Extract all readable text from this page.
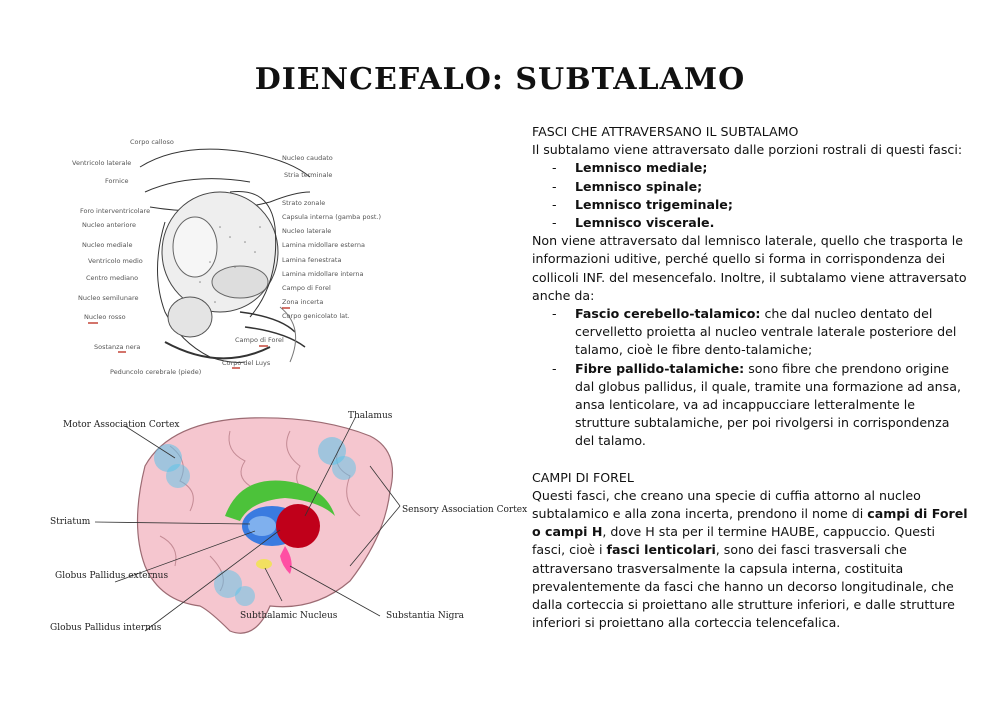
DIENCEFALO: SUBTALAMO
Corpo calloso
Ventricolo laterale
Fornice
Foro interventricolare
Nucleo anteriore
Nucleo mediale
Ventricolo medio
Centro mediano
Nucleo semilunare
Nucleo rosso
Sostanza nera
Peduncolo cerebrale (piede)
Nucleo caudato
Stria terminale
Strato zonale
Capsula interna (gamba post.)
Nucleo laterale
Lamina midollare esterna
Lamina fenestrata
Lamina midollare interna
Campo di Forel
Zona incerta
Corpo genicolato lat.
Campo di Forel
Corpo del Luys
Motor Association Cortex
Thalamus
Striatum
Sensory Association Cortex
Globus Pallidus externus
Globus Pallidus internus
Subthalamic Nucleus	Substantia Nigra

FASCI CHE ATTRAVERSANO IL SUBTALAMO

Il subtalamo viene attraversato dalle porzioni rostrali di questi fasci:

- Lemnisco mediale;
- Lemnisco spinale;
- Lemnisco trigeminale;
- Lemnisco viscerale.

Non viene attraversato dal lemnisco laterale, quello che trasporta le informazioni uditive, perché quello si forma in corrispondenza dei collicoli INF. del mesencefalo. Inoltre, il subtalamo viene attraversato anche da:

- Fascio cerebello-talamico: che dal nucleo dentato del cervelletto proietta al nucleo ventrale laterale posteriore del talamo, cioè le fibre dento-talamiche;
- Fibre pallido-talamiche: sono fibre che prendono origine dal globus pallidus, il quale, tramite una formazione ad ansa, ansa lenticolare, va ad incappucciare letteralmente le strutture subtalamiche, per poi rivolgersi in corrispondenza del talamo.

CAMPI DI FOREL

Questi fasci, che creano una specie di cuffia attorno al nucleo subtalamico e alla zona incerta, prendono il nome di campi di Forel o campi H, dove H sta per il termine HAUBE, cappuccio. Questi fasci, cioè i fasci lenticolari, sono dei fasci trasversali che attraversano trasversalmente la capsula interna, costituita prevalentemente da fasci che hanno un decorso longitudinale, che dalla corteccia si proiettano alle strutture inferiori, e dalle strutture inferiori si proiettano alla corteccia telencefalica.
